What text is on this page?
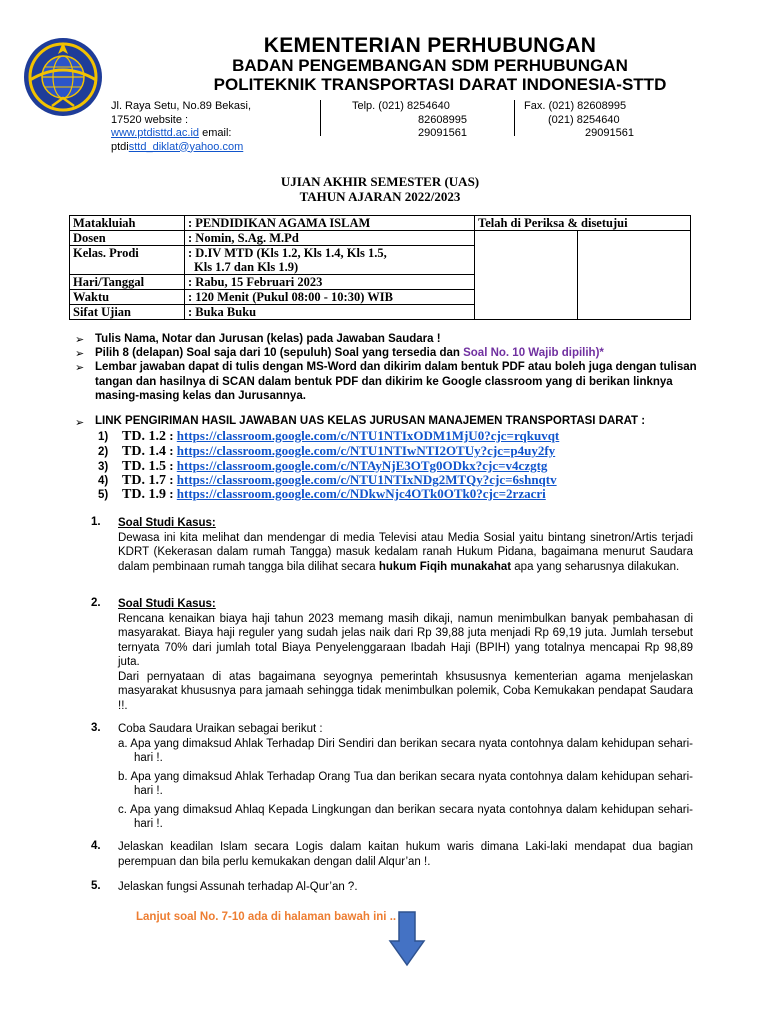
KEMENTERIAN PERHUBUNGAN
BADAN PENGEMBANGAN SDM PERHUBUNGAN
POLITEKNIK TRANSPORTASI DARAT INDONESIA-STTD
Jl. Raya Setu, No.89 Bekasi,
17520 website :
www.ptdisttd.ac.id email:
ptdisttd_diklat@yahoo.com
Telp. (021) 8254640
82608995
29091561
Fax. (021) 82608995
(021) 8254640
29091561
UJIAN AKHIR SEMESTER (UAS)
TAHUN AJARAN 2022/2023
Matakluiah	: PENDIDIKAN AGAMA ISLAM	Telah di Periksa & disetujui	
Dosen	: Nomin, S.Ag. M.Pd		
Kelas. Prodi	: D.IV MTD (Kls 1.2, Kls 1.4, Kls 1.5,
Kls 1.7 dan Kls 1.9)		

Hari/Tanggal	: Rabu, 15 Februari 2023		
Waktu	: 120 Menit (Pukul 08:00 - 10:30) WIB		
Sifat Ujian	: Buka Buku		
➢ Tulis Nama, Notar dan Jurusan (kelas) pada Jawaban Saudara !
➢ Pilih 8 (delapan) Soal saja dari 10 (sepuluh) Soal yang tersedia dan Soal No. 10 Wajib dipilih)*
➢ Lembar jawaban dapat di tulis dengan MS-Word dan dikirim dalam bentuk PDF atau boleh juga dengan tulisan tangan dan hasilnya di SCAN dalam bentuk PDF dan dikirim ke Google classroom yang di berikan linknya masing-masing kelas dan Jurusannya.
➢ LINK PENGIRIMAN HASIL JAWABAN UAS KELAS JURUSAN MANAJEMEN TRANSPORTASI DARAT :
1) TD. 1.2 : https://classroom.google.com/c/NTU1NTIxODM1MjU0?cjc=rqkuvqt
2) TD. 1.4 : https://classroom.google.com/c/NTU1NTIwNTI2OTUy?cjc=p4uy2fy
3) TD. 1.5 : https://classroom.google.com/c/NTAyNjE3OTg0ODkx?cjc=v4czgtg
4) TD. 1.7 : https://classroom.google.com/c/NTU1NTIxNDg2MTQy?cjc=6shnqtv
5) TD. 1.9 : https://classroom.google.com/c/NDkwNjc4OTk0OTk0?cjc=2rzacri
1. Soal Studi Kasus:
Dewasa ini kita melihat dan mendengar di media Televisi atau Media Sosial yaitu bintang sinetron/Artis terjadi KDRT (Kekerasan dalam rumah Tangga) masuk kedalam ranah Hukum Pidana, bagaimana menurut Saudara dalam pembinaan rumah tangga bila dilihat secara hukum Fiqih munakahat apa yang seharusnya dilakukan.
2. Soal Studi Kasus:
Rencana kenaikan biaya haji tahun 2023 memang masih dikaji, namun menimbulkan banyak pembahasan di masyarakat. Biaya haji reguler yang sudah jelas naik dari Rp 39,88 juta menjadi Rp 69,19 juta. Jumlah tersebut ternyata 70% dari jumlah total Biaya Penyelenggaraan Ibadah Haji (BPIH) yang totalnya mencapai Rp 98,89 juta.
Dari pernyataan di atas bagaimana seyognya pemerintah khsususnya kementerian agama menjelaskan masyarakat khususnya para jamaah sehingga tidak menimbulkan polemik, Coba Kemukakan pendapat Saudara !!.
3. Coba Saudara Uraikan sebagai berikut :
a. Apa yang dimaksud Ahlak Terhadap Diri Sendiri dan berikan secara nyata contohnya dalam kehidupan sehari-hari !.
b. Apa yang dimaksud Ahlak Terhadap Orang Tua dan berikan secara nyata contohnya dalam kehidupan sehari-hari !.
c. Apa yang dimaksud Ahlaq Kepada Lingkungan dan berikan secara nyata contohnya dalam kehidupan sehari-hari !.
4. Jelaskan keadilan Islam secara Logis dalam kaitan hukum waris dimana Laki-laki mendapat dua bagian perempuan dan bila perlu kemukakan dengan dalil Alqur’an !.
5. Jelaskan fungsi Assunah terhadap Al-Qur’an ?.
Lanjut soal No. 7-10 ada di halaman bawah ini ..
